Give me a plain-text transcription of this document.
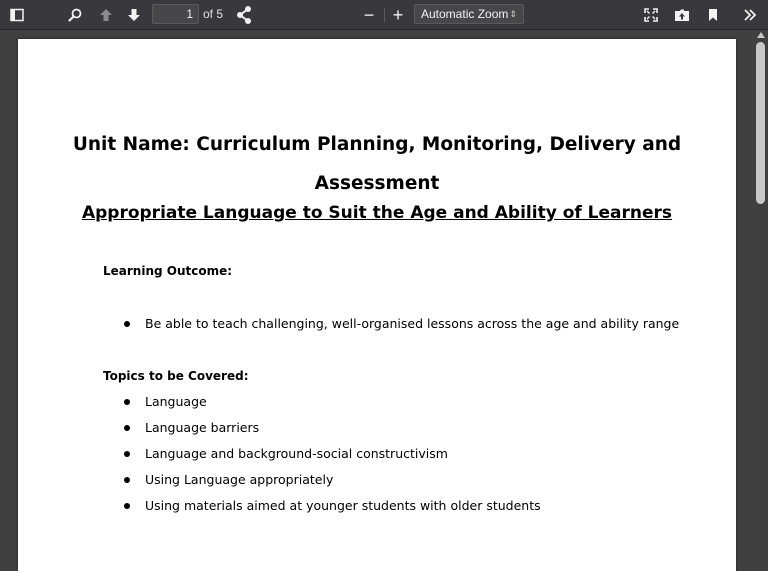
1 of 5	−	+	Automatic Zoom ⇕
Unit Name: Curriculum Planning, Monitoring, Delivery and
Assessment
Appropriate Language to Suit the Age and Ability of Learners
Learning Outcome:
Be able to teach challenging, well-organised lessons across the age and ability range
Topics to be Covered:
Language
Language barriers
Language and background-social constructivism
Using Language appropriately
Using materials aimed at younger students with older students
